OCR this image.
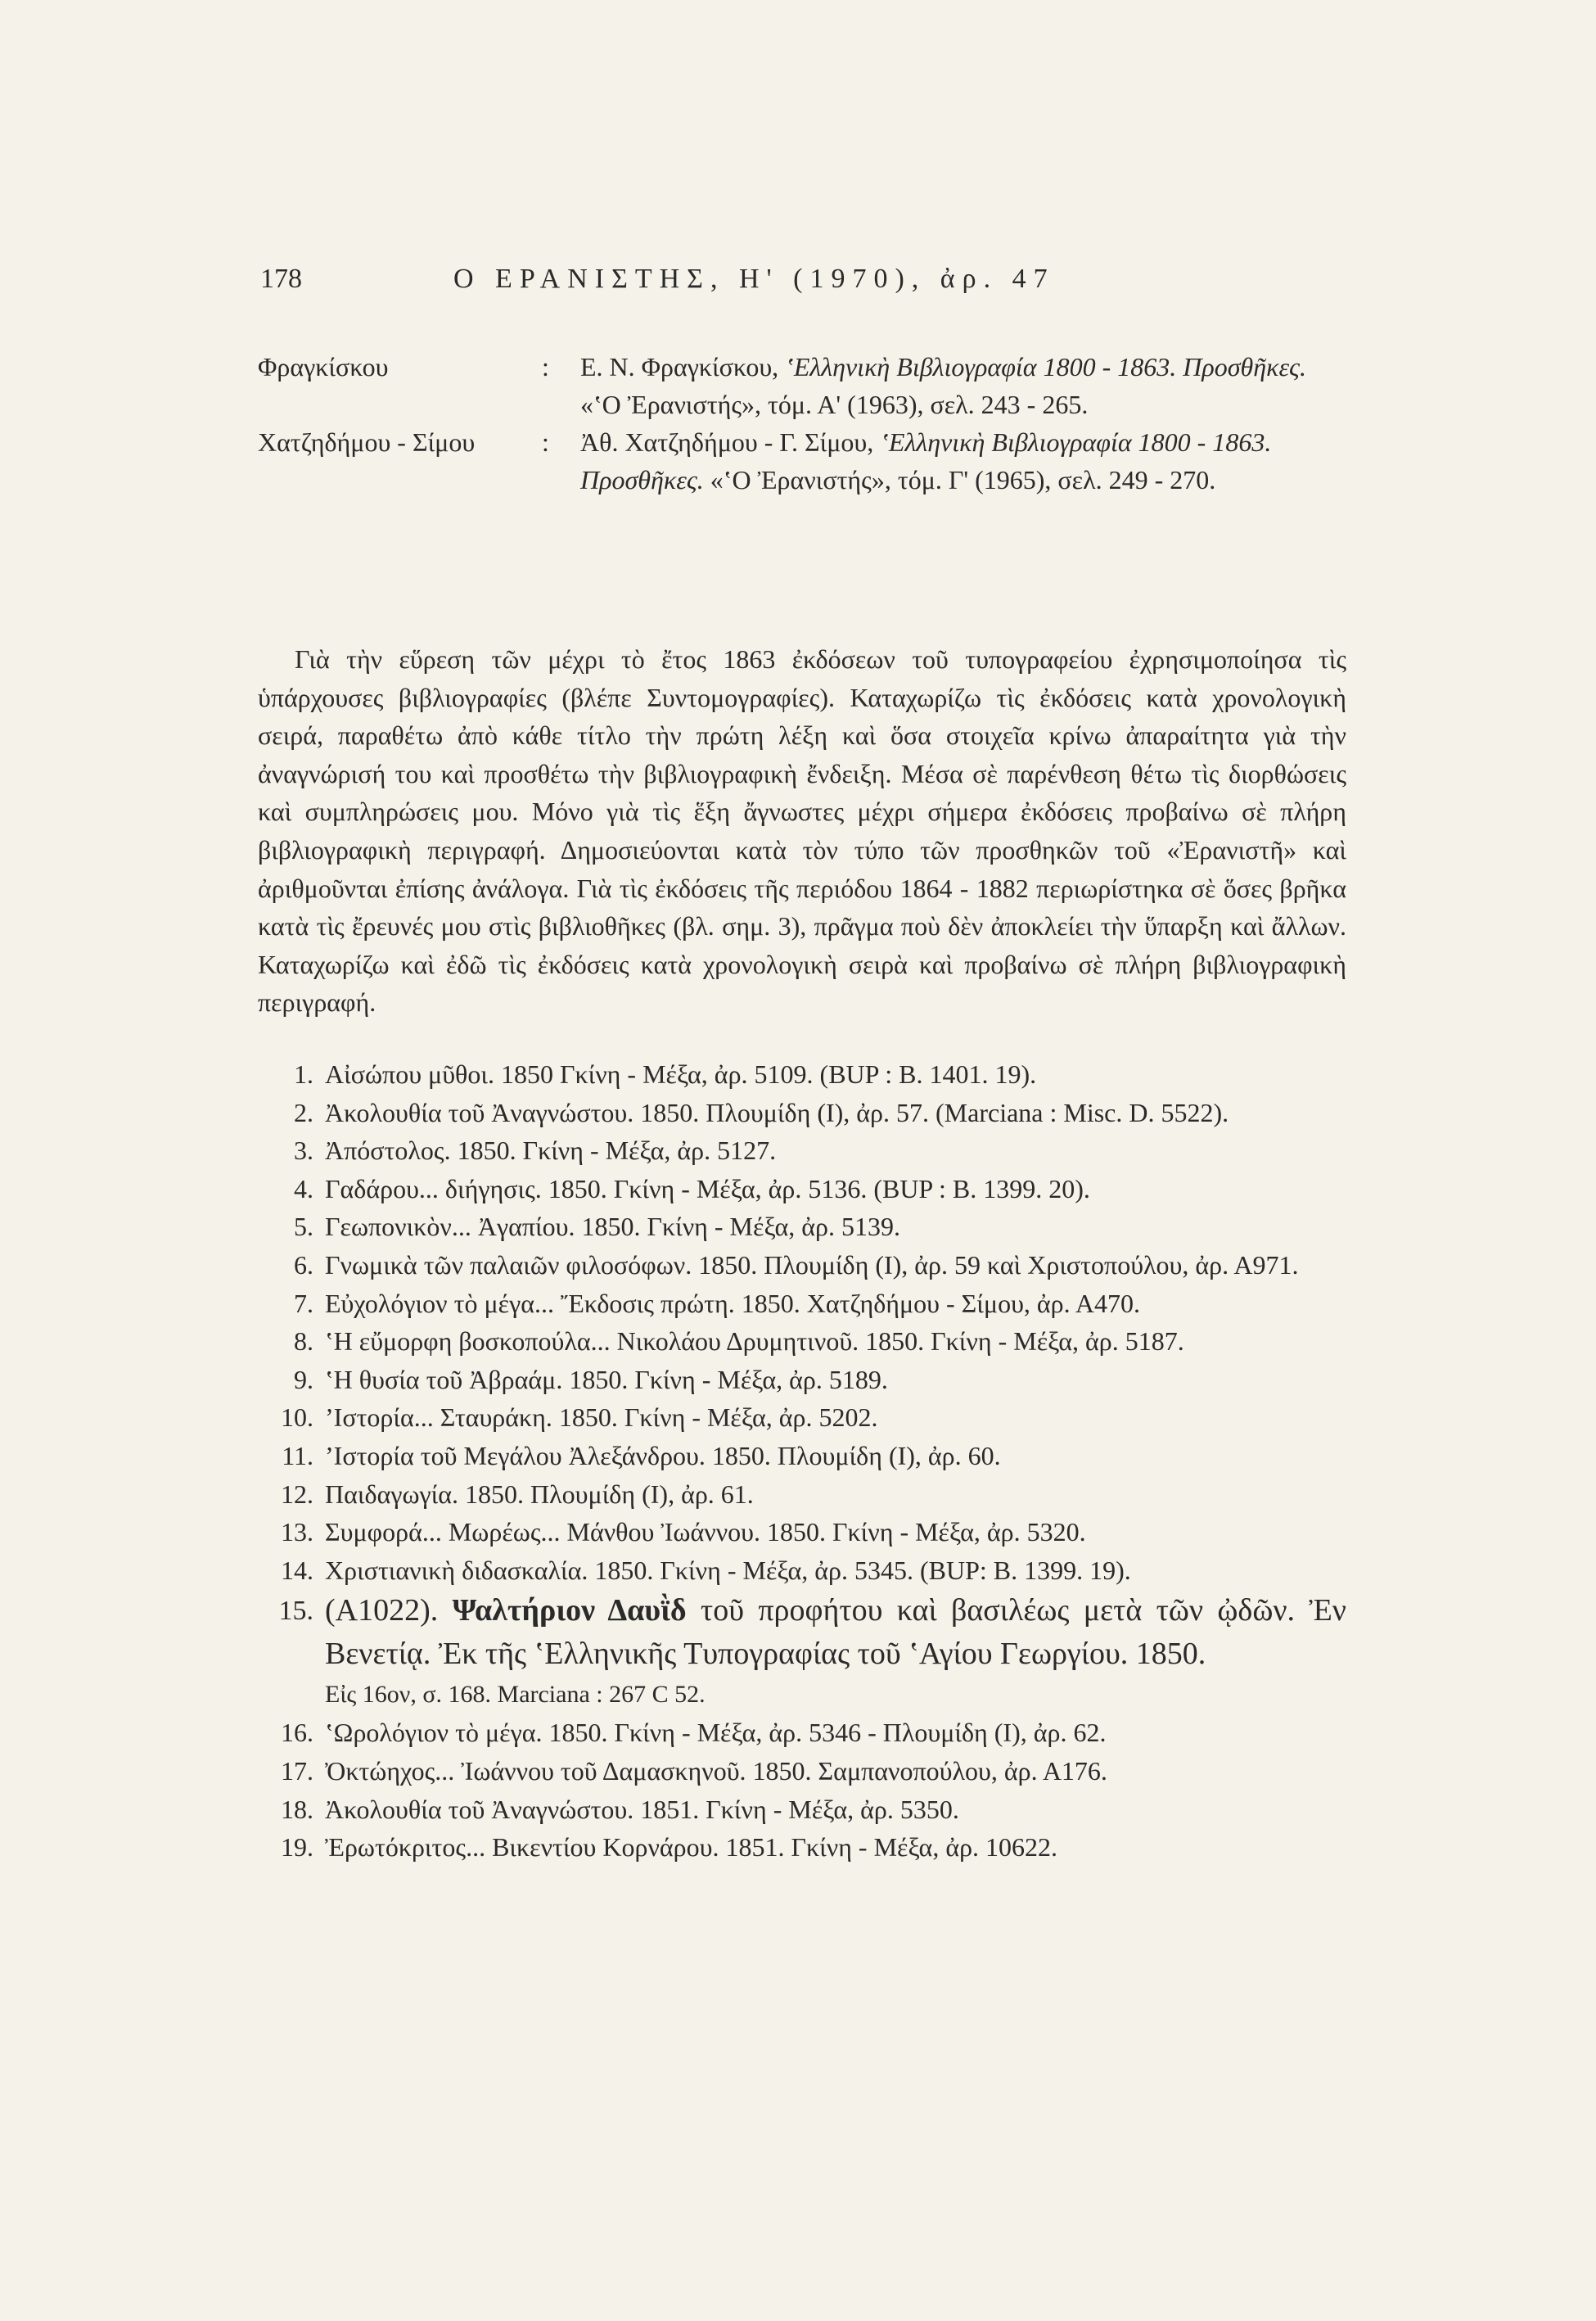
178	Ο ΕΡΑΝΙΣΤΗΣ, Η' (1970), ἀρ. 47
Φραγκίσκου	:	Ε. Ν. Φραγκίσκου, ʽΕλληνικὴ Βιβλιογραφία 1800 - 1863. Προσθῆκες. «ʽΟ Ἐρανιστής», τόμ. Α' (1963), σελ. 243 - 265.
Χατζηδήμου - Σίμου	:	Ἀθ. Χατζηδήμου - Γ. Σίμου, ʽΕλληνικὴ Βιβλιογραφία 1800 - 1863. Προσθῆκες. «ʽΟ Ἐρανιστής», τόμ. Γ' (1965), σελ. 249 - 270.
Γιὰ τὴν εὕρεση τῶν μέχρι τὸ ἔτος 1863 ἐκδόσεων τοῦ τυπογραφείου ἐχρησιμοποίησα τὶς ὑπάρχουσες βιβλιογραφίες (βλέπε Συντομογραφίες). Καταχωρίζω τὶς ἐκδόσεις κατὰ χρονολογικὴ σειρά, παραθέτω ἀπὸ κάθε τίτλο τὴν πρώτη λέξη καὶ ὅσα στοιχεῖα κρίνω ἀπαραίτητα γιὰ τὴν ἀναγνώρισή του καὶ προσθέτω τὴν βιβλιογραφικὴ ἔνδειξη. Μέσα σὲ παρένθεση θέτω τὶς διορθώσεις καὶ συμπληρώσεις μου. Μόνο γιὰ τὶς ἕξη ἄγνωστες μέχρι σήμερα ἐκδόσεις προβαίνω σὲ πλήρη βιβλιογραφικὴ περιγραφή. Δημοσιεύονται κατὰ τὸν τύπο τῶν προσθηκῶν τοῦ «Ἐρανιστῆ» καὶ ἀριθμοῦνται ἐπίσης ἀνάλογα. Γιὰ τὶς ἐκδόσεις τῆς περιόδου 1864 - 1882 περιωρίστηκα σὲ ὅσες βρῆκα κατὰ τὶς ἔρευνές μου στὶς βιβλιοθῆκες (βλ. σημ. 3), πρᾶγμα ποὺ δὲν ἀποκλείει τὴν ὕπαρξη καὶ ἄλλων. Καταχωρίζω καὶ ἐδῶ τὶς ἐκδόσεις κατὰ χρονολογικὴ σειρὰ καὶ προβαίνω σὲ πλήρη βιβλιογραφικὴ περιγραφή.
1. Αἰσώπου μῦθοι. 1850 Γκίνη - Μέξα, ἀρ. 5109. (BUP : B. 1401. 19).
2. Ἀκολουθία τοῦ Ἀναγνώστου. 1850. Πλουμίδη (Ι), ἀρ. 57. (Marciana : Misc. D. 5522).
3. Ἀπόστολος. 1850. Γκίνη - Μέξα, ἀρ. 5127.
4. Γαδάρου... διήγησις. 1850. Γκίνη - Μέξα, ἀρ. 5136. (BUP : B. 1399. 20).
5. Γεωπονικὸν... Ἀγαπίου. 1850. Γκίνη - Μέξα, ἀρ. 5139.
6. Γνωμικὰ τῶν παλαιῶν φιλοσόφων. 1850. Πλουμίδη (Ι), ἀρ. 59 καὶ Χριστοπούλου, ἀρ. Α971.
7. Εὐχολόγιον τὸ μέγα... Ἔκδοσις πρώτη. 1850. Χατζηδήμου - Σίμου, ἀρ. Α470.
8. ʽΗ εὔμορφη βοσκοπούλα... Νικολάου Δρυμητινοῦ. 1850. Γκίνη - Μέξα, ἀρ. 5187.
9. ʽΗ θυσία τοῦ Ἀβραάμ. 1850. Γκίνη - Μέξα, ἀρ. 5189.
10. ʼΙστορία... Σταυράκη. 1850. Γκίνη - Μέξα, ἀρ. 5202.
11. ʼΙστορία τοῦ Μεγάλου Ἀλεξάνδρου. 1850. Πλουμίδη (Ι), ἀρ. 60.
12. Παιδαγωγία. 1850. Πλουμίδη (Ι), ἀρ. 61.
13. Συμφορά... Μωρέως... Μάνθου Ἰωάννου. 1850. Γκίνη - Μέξα, ἀρ. 5320.
14. Χριστιανικὴ διδασκαλία. 1850. Γκίνη - Μέξα, ἀρ. 5345. (BUP: B. 1399. 19).
15. (Α1022). Ψαλτήριον Δαυῒδ τοῦ προφήτου καὶ βασιλέως μετὰ τῶν ᾠδῶν. Ἐν Βενετίᾳ. Ἐκ τῆς ʽΕλληνικῆς Τυπογραφίας τοῦ ʽΑγίου Γεωργίου. 1850.
Εἰς 16ον, σ. 168. Marciana : 267 C 52.
16. ʽΩρολόγιον τὸ μέγα. 1850. Γκίνη - Μέξα, ἀρ. 5346 - Πλουμίδη (Ι), ἀρ. 62.
17. Ὀκτώηχος... Ἰωάννου τοῦ Δαμασκηνοῦ. 1850. Σαμπανοπούλου, ἀρ. Α176.
18. Ἀκολουθία τοῦ Ἀναγνώστου. 1851. Γκίνη - Μέξα, ἀρ. 5350.
19. Ἐρωτόκριτος... Βικεντίου Κορνάρου. 1851. Γκίνη - Μέξα, ἀρ. 10622.
